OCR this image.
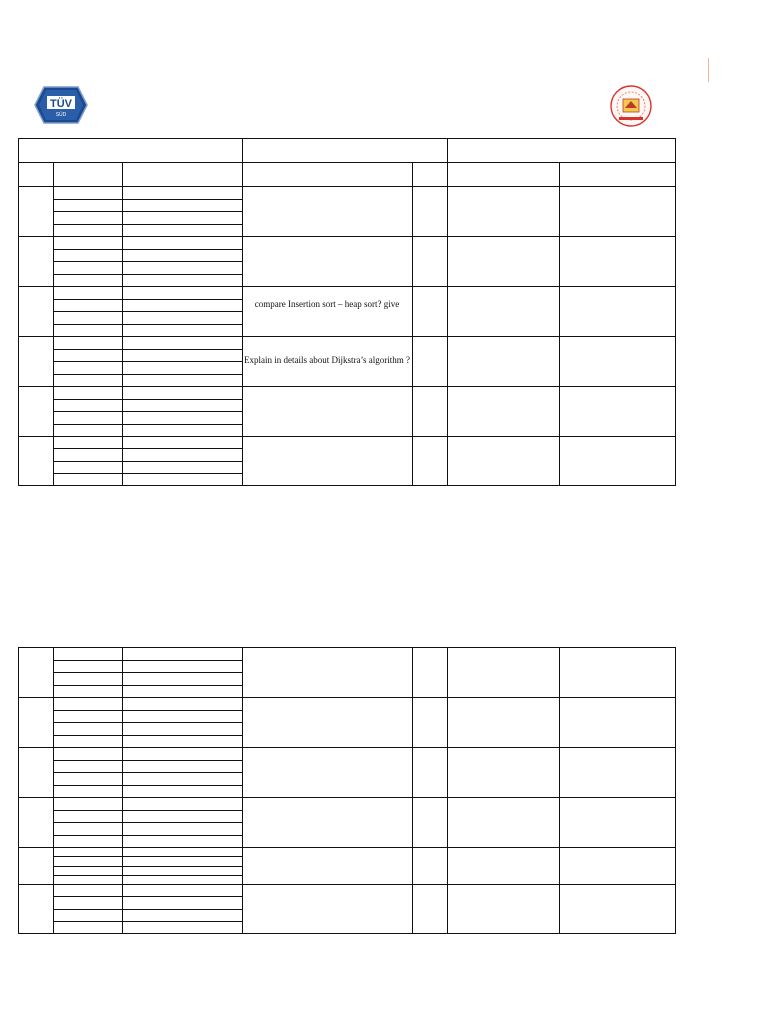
TÜV
SÜD
compare Insertion sort – heap sort? give
Explain in details about Dijkstra’s algorithm ?
